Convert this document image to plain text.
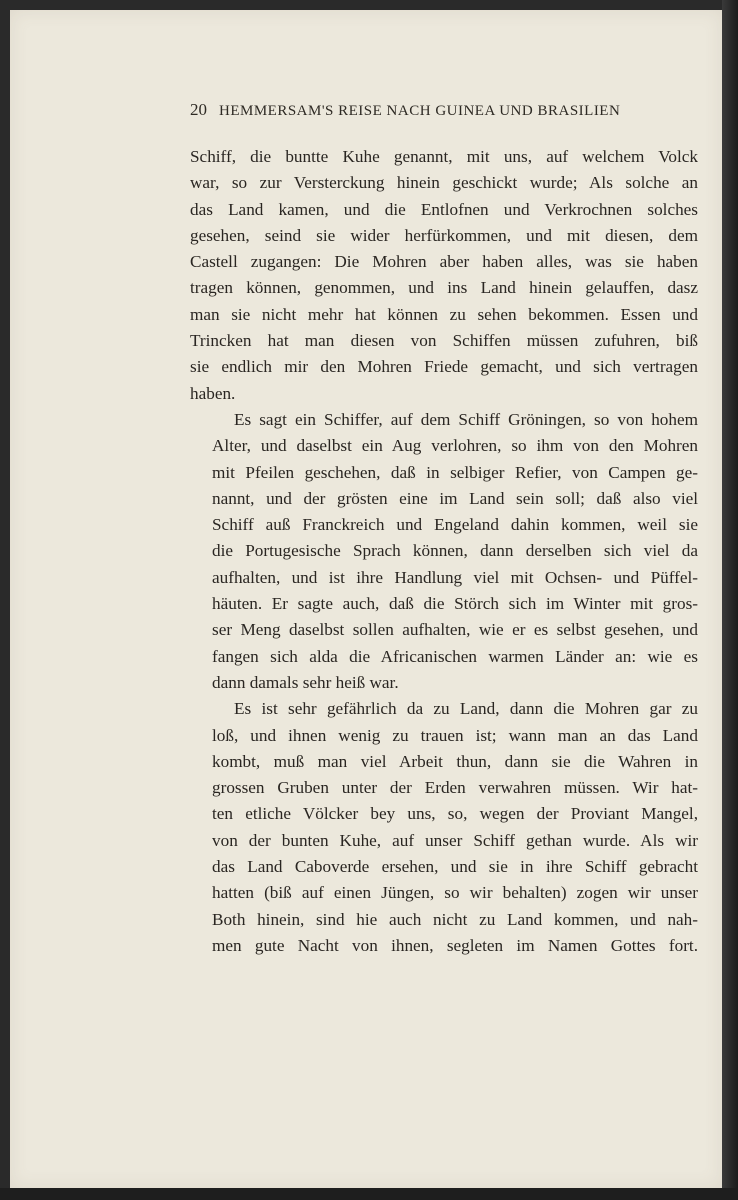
20 HEMMERSAM'S REISE NACH GUINEA UND BRASILIEN

Schiff, die buntte Kuhe genannt, mit uns, auf welchem Volck
war, so zur Versterckung hinein geschickt wurde; Als solche an
das Land kamen, und die Entlofnen und Verkrochnen solches
gesehen, seind sie wider herfürkommen, und mit diesen, dem
Castell zugangen: Die Mohren aber haben alles, was sie haben
tragen können, genommen, und ins Land hinein gelauffen, dasz
man sie nicht mehr hat können zu sehen bekommen. Essen und
Trincken hat man diesen von Schiffen müssen zufuhren, biß
sie endlich mir den Mohren Friede gemacht, und sich vertragen
haben.

Es sagt ein Schiffer, auf dem Schiff Gröningen, so von hohem
Alter, und daselbst ein Aug verlohren, so ihm von den Mohren
mit Pfeilen geschehen, daß in selbiger Refier, von Campen ge-
nannt, und der grösten eine im Land sein soll; daß also viel
Schiff auß Franckreich und Engeland dahin kommen, weil sie
die Portugesische Sprach können, dann derselben sich viel da
aufhalten, und ist ihre Handlung viel mit Ochsen- und Püffel-
häuten. Er sagte auch, daß die Störch sich im Winter mit gros-
ser Meng daselbst sollen aufhalten, wie er es selbst gesehen, und
fangen sich alda die Africanischen warmen Länder an: wie es
dann damals sehr heiß war.

Es ist sehr gefährlich da zu Land, dann die Mohren gar zu
loß, und ihnen wenig zu trauen ist; wann man an das Land
kombt, muß man viel Arbeit thun, dann sie die Wahren in
grossen Gruben unter der Erden verwahren müssen. Wir hat-
ten etliche Völcker bey uns, so, wegen der Proviant Mangel,
von der bunten Kuhe, auf unser Schiff gethan wurde. Als wir
das Land Caboverde ersehen, und sie in ihre Schiff gebracht
hatten (biß auf einen Jüngen, so wir behalten) zogen wir unser
Both hinein, sind hie auch nicht zu Land kommen, und nah-
men gute Nacht von ihnen, segleten im Namen Gottes fort.
